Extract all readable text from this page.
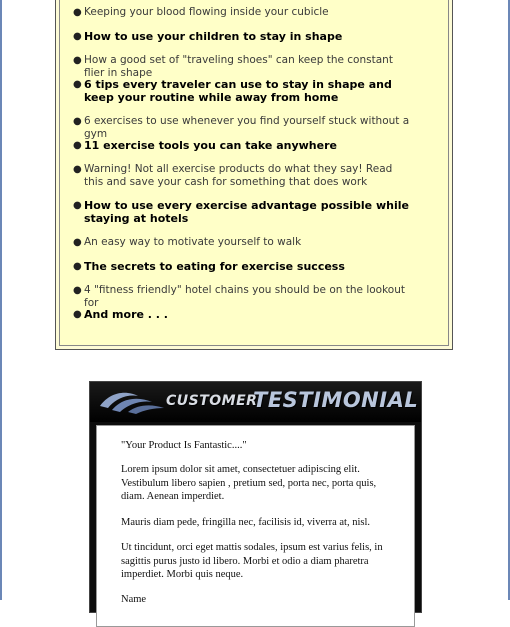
● Keeping your blood flowing inside your cubicle
● How to use your children to stay in shape
● How a good set of "traveling shoes" can keep the constant flier in shape
● 6 tips every traveler can use to stay in shape and keep your routine while away from home
● 6 exercises to use whenever you find yourself stuck without a gym
● 11 exercise tools you can take anywhere
● Warning! Not all exercise products do what they say! Read this and save your cash for something that does work
● How to use every exercise advantage possible while staying at hotels
● An easy way to motivate yourself to walk
● The secrets to eating for exercise success
● 4 "fitness friendly" hotel chains you should be on the lookout for
● And more . . .
CUSTOMER
TESTIMONIAL
"Your Product Is Fantastic...."
Lorem ipsum dolor sit amet, consectetuer adipiscing elit. Vestibulum libero sapien , pretium sed, porta nec, porta quis, diam. Aenean imperdiet.
Mauris diam pede, fringilla nec, facilisis id, viverra at, nisl.
Ut tincidunt, orci eget mattis sodales, ipsum est varius felis, in sagittis purus justo id libero. Morbi et odio a diam pharetra imperdiet. Morbi quis neque.
Name
